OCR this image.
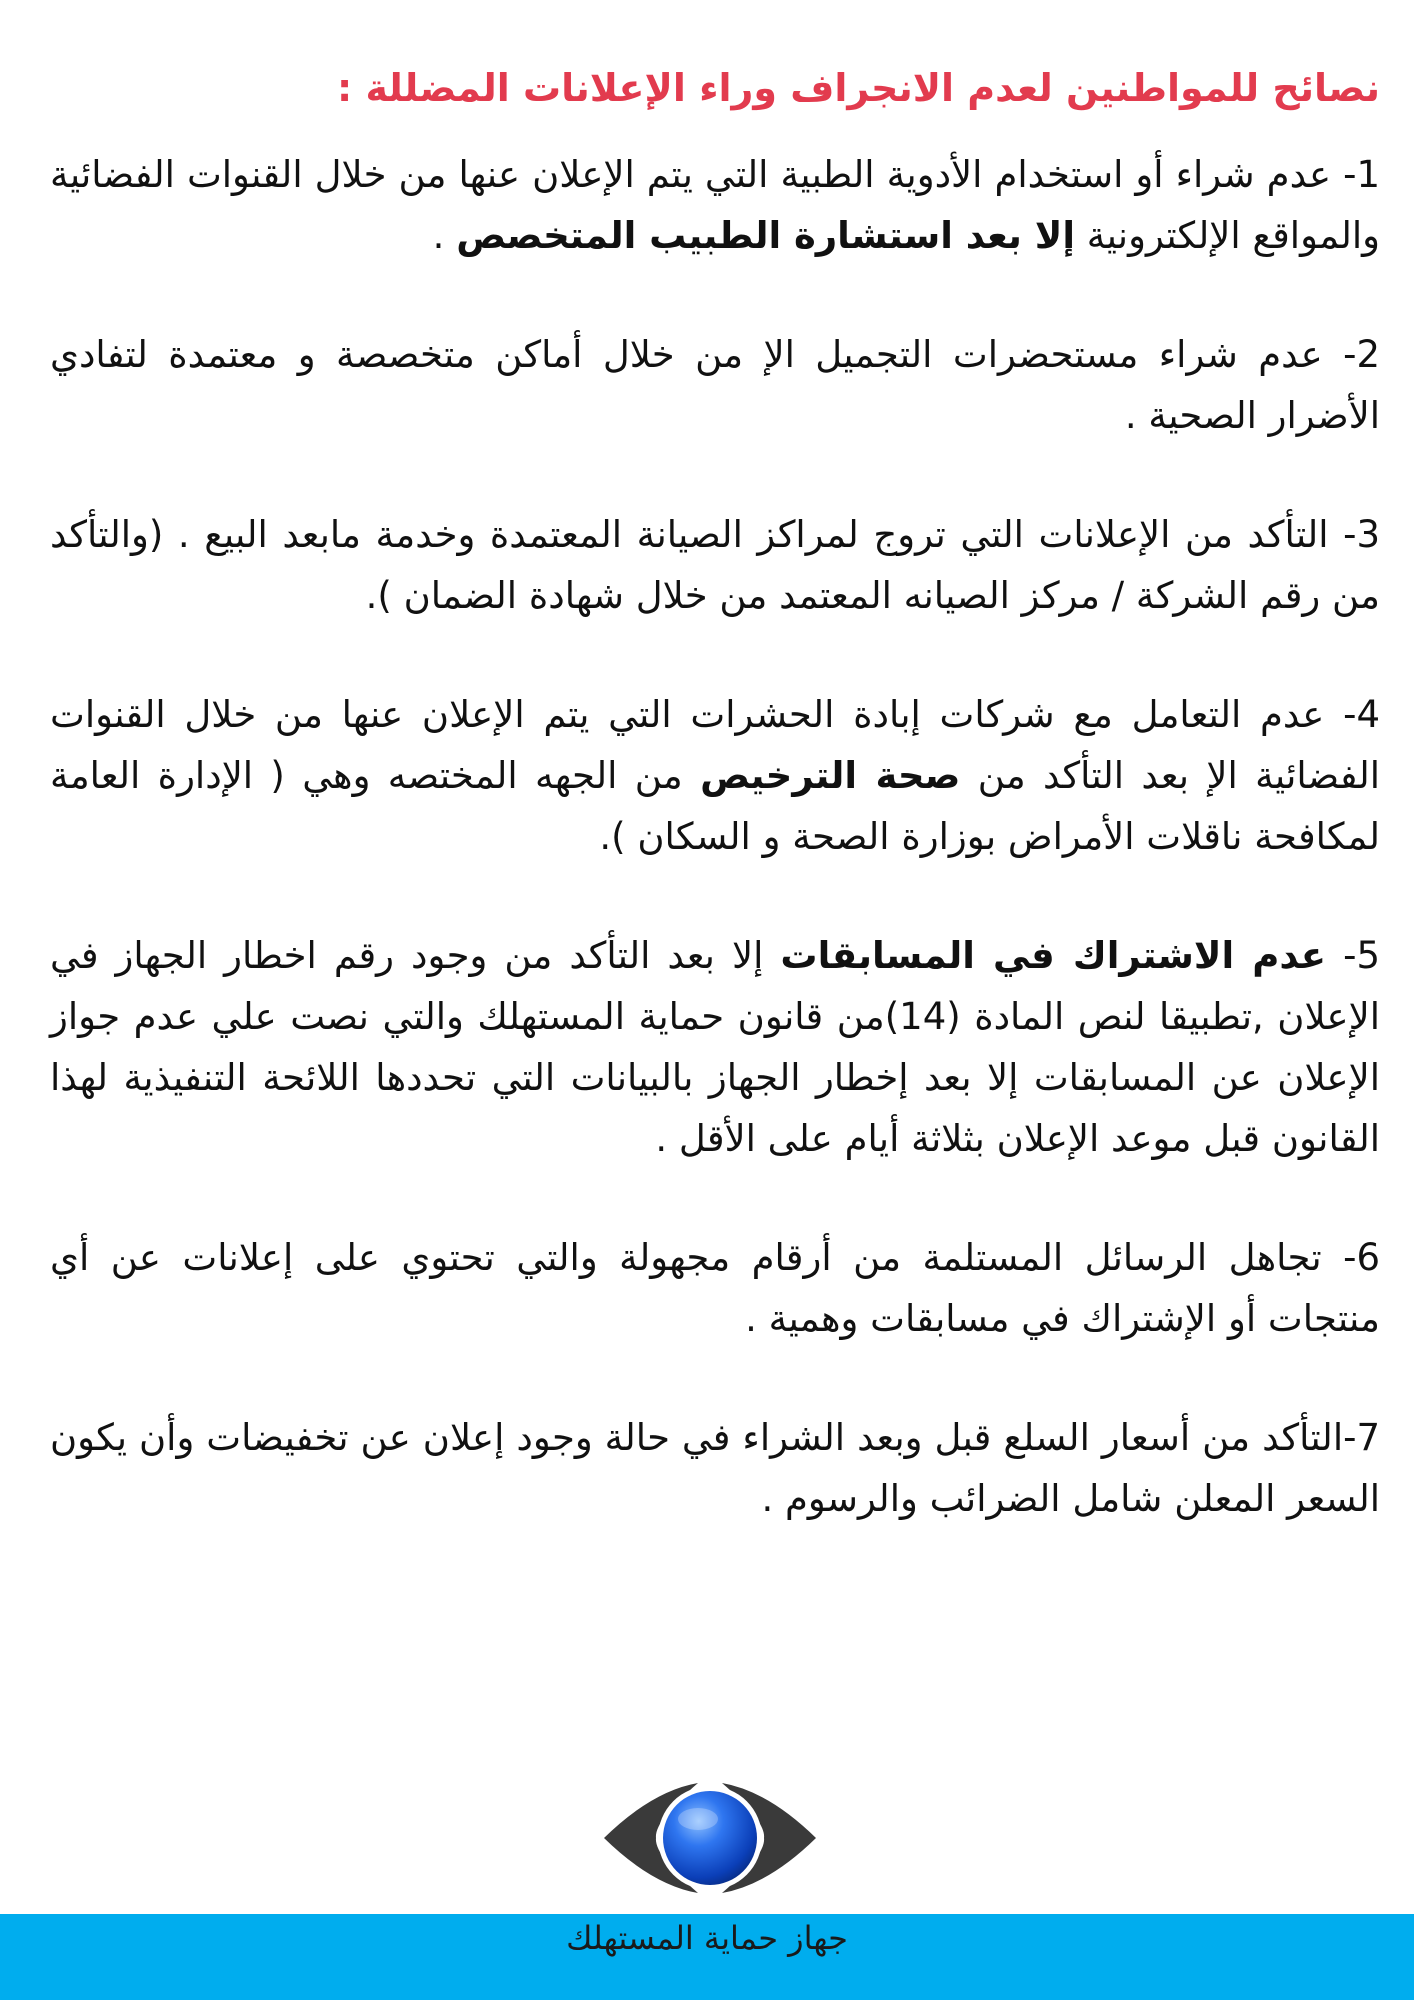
نصائح للمواطنين لعدم الانجراف وراء الإعلانات المضللة :

1- عدم شراء أو استخدام الأدوية الطبية التي يتم الإعلان عنها من خلال القنوات الفضائية والمواقع الإلكترونية إلا بعد استشارة الطبيب المتخصص .

2- عدم شراء مستحضرات التجميل الإ من خلال أماكن متخصصة و معتمدة لتفادي الأضرار الصحية .

3- التأكد من الإعلانات التي تروج لمراكز الصيانة المعتمدة وخدمة مابعد البيع . (والتأكد من رقم الشركة / مركز الصيانه المعتمد من خلال شهادة الضمان ).

4- عدم التعامل مع شركات إبادة الحشرات التي يتم الإعلان عنها من خلال القنوات الفضائية الإ بعد التأكد من صحة الترخيص من الجهه المختصه وهي ( الإدارة العامة لمكافحة ناقلات الأمراض بوزارة الصحة و السكان ).

5- عدم الاشتراك في المسابقات إلا بعد التأكد من وجود رقم اخطار الجهاز في الإعلان ,تطبيقا لنص المادة (14)من قانون حماية المستهلك والتي نصت علي عدم جواز الإعلان عن المسابقات إلا بعد إخطار الجهاز بالبيانات التي تحددها اللائحة التنفيذية لهذا القانون قبل موعد الإعلان بثلاثة أيام على الأقل .

6- تجاهل الرسائل المستلمة من أرقام مجهولة والتي تحتوي على إعلانات عن أي منتجات أو الإشتراك في مسابقات وهمية .

7-التأكد من أسعار السلع قبل وبعد الشراء في حالة وجود إعلان عن تخفيضات وأن يكون السعر المعلن شامل الضرائب والرسوم .

جهاز حماية المستهلك
